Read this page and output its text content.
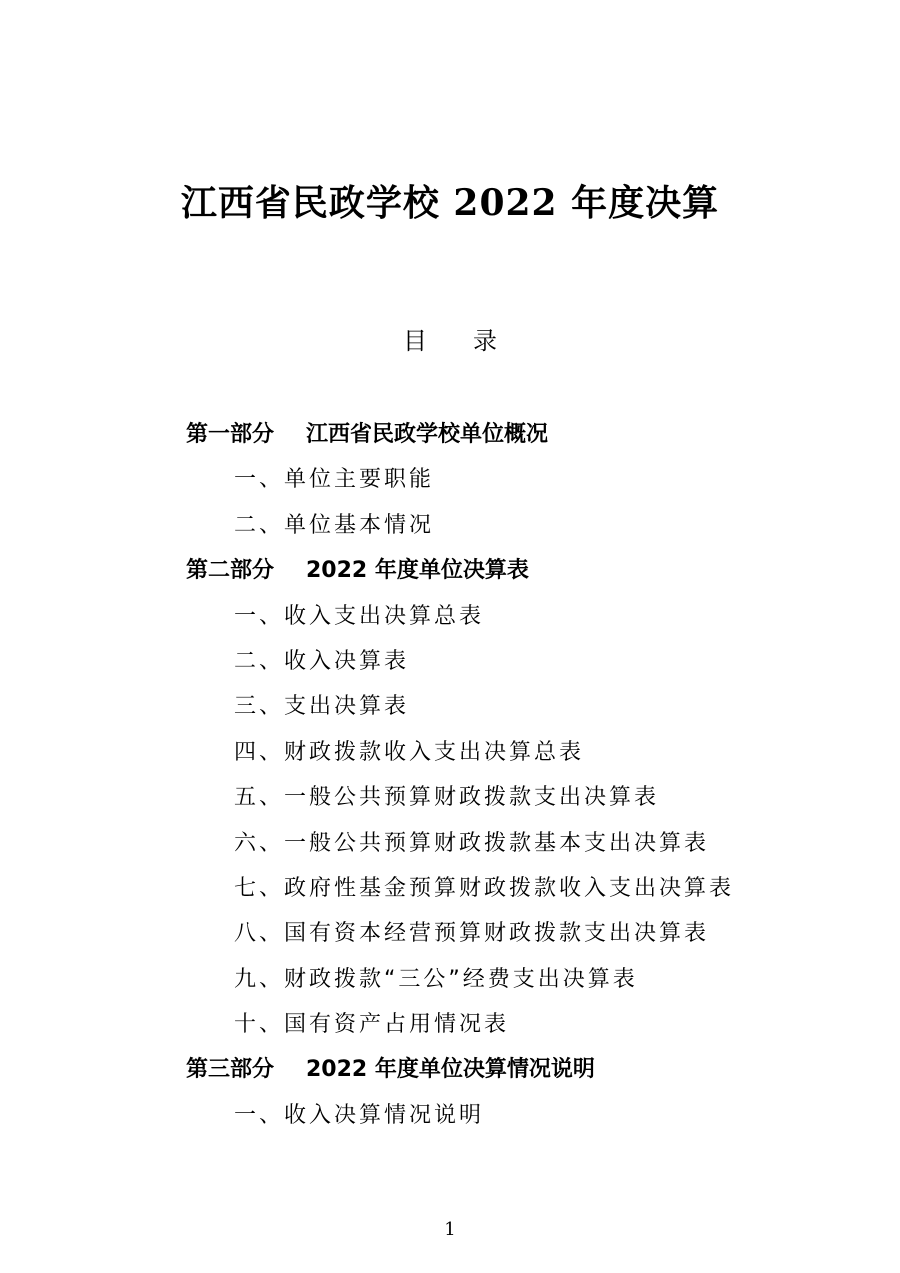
江西省民政学校 2022 年度决算
目录
第一部分 江西省民政学校单位概况
一、单位主要职能
二、单位基本情况
第二部分 2022 年度单位决算表
一、收入支出决算总表
二、收入决算表
三、支出决算表
四、财政拨款收入支出决算总表
五、一般公共预算财政拨款支出决算表
六、一般公共预算财政拨款基本支出决算表
七、政府性基金预算财政拨款收入支出决算表
八、国有资本经营预算财政拨款支出决算表
九、财政拨款“三公”经费支出决算表
十、国有资产占用情况表
第三部分 2022 年度单位决算情况说明
一、收入决算情况说明
1
